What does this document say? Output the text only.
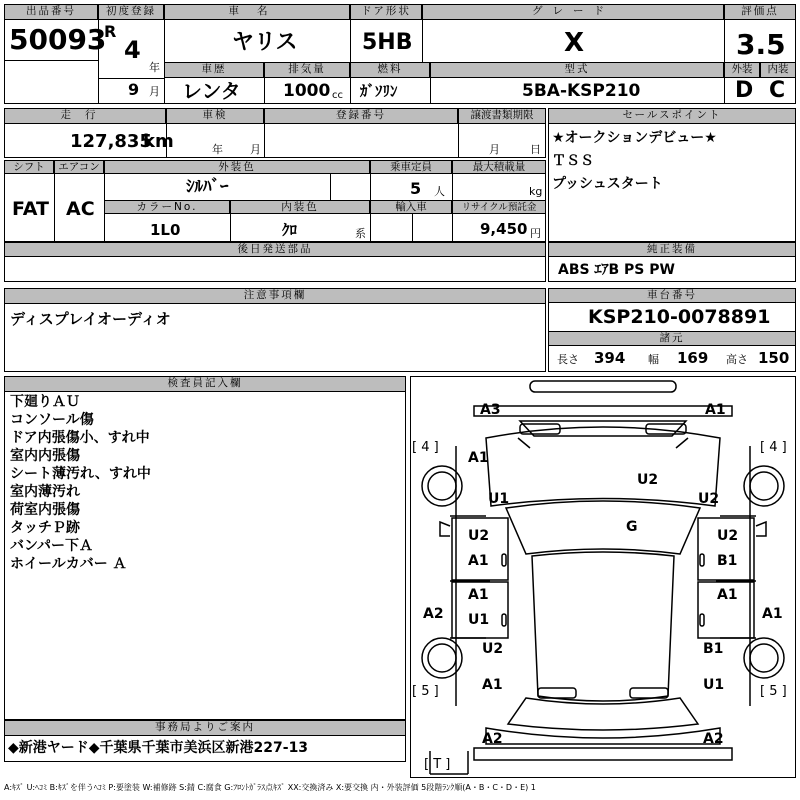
出品番号
50093
初度登録
R
4
年
9 月
車名
ヤリス
ドア形状
5HB
グレード
X
評価点
3.5
外装	内装
D C
車歴	排気量	燃料	型式
レンタ 1000 cc ｶﾞｿﾘﾝ	5BA-KSP210
走行
127,835
km
車検
年 月
登録番号	譲渡書類期限
月	日
セールスポイント
★オークションデビュー★
ＴＳＳ
プッシュスタート
シフト
FAT
エアコン
AC
外装色
ｼﾙﾊﾞｰ
乗車定員
5 人
最大積載量
kg
カラーNo.
1L0
内装色
ｸﾛ	系
輸入車	リサイクル預託金
9,450 円
後日発送部品	純正装備
ABS ｴｱB PS PW
注意事項欄
ディスプレイオーディオ
車台番号
KSP210-0078891
諸元
長さ 394 幅 169 高さ 150
検査員記入欄
下廻りＡＵ
コンソール傷
ドア内張傷小、すれ中
室内内張傷
シート薄汚れ、すれ中
室内薄汚れ
荷室内張傷
タッチＰ跡
バンパー下Ａ
ホイールカバー Ａ
事務局よりご案内
◆新港ヤード◆千葉県千葉市美浜区新港227-13
A3	A1
[ 4 ]	[ 4 ]
A1
U1
U2
U2
G
U2
A1
U2
B1
A1	A1
A2	A1
U1
U2	B1
A1	U1
[ 5 ]	[ 5 ]
A2	A2
[ T ]
A:ｷｽﾞ U:ﾍｺﾐ B:ｷｽﾞを伴うﾍｺﾐ P:要塗装 W:補修跡 S:錆 C:腐食 G:ﾌﾛﾝﾄｶﾞﾗｽ点ｷｽﾞ XX:交換済み X:要交換 内・外装評価 5段階ﾗﾝｸ順(A・B・C・D・E) 1
